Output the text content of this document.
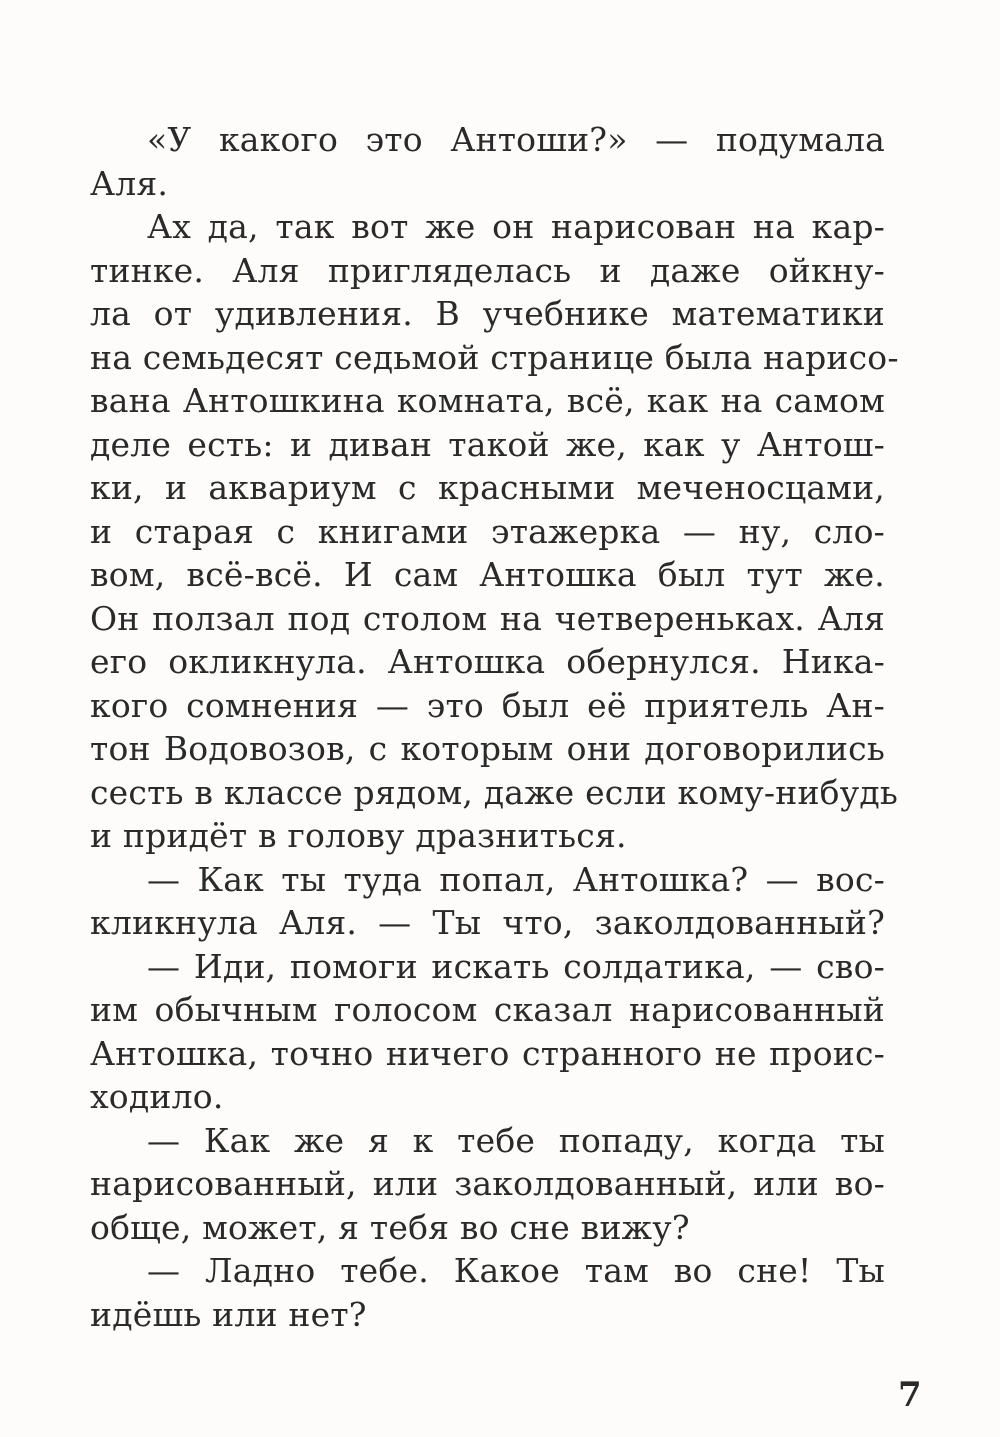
«У какого это Антоши?» — подумала
Аля.
Ах да, так вот же он нарисован на кар-
тинке. Аля пригляделась и даже ойкну-
ла от удивления. В учебнике математики
на семьдесят седьмой странице была нарисо-
вана Антошкина комната, всё, как на самом
деле есть: и диван такой же, как у Антош-
ки, и аквариум с красными меченосцами,
и старая с книгами этажерка — ну, сло-
вом, всё-всё. И сам Антошка был тут же.
Он ползал под столом на четвереньках. Аля
его окликнула. Антошка обернулся. Ника-
кого сомнения — это был её приятель Ан-
тон Водовозов, с которым они договорились
сесть в классе рядом, даже если кому-нибудь
и придёт в голову дразниться.
— Как ты туда попал, Антошка? — вос-
кликнула Аля. — Ты что, заколдованный?
— Иди, помоги искать солдатика, — сво-
им обычным голосом сказал нарисованный
Антошка, точно ничего странного не проис-
ходило.
— Как же я к тебе попаду, когда ты
нарисованный, или заколдованный, или во-
обще, может, я тебя во сне вижу?
— Ладно тебе. Какое там во сне! Ты
идёшь или нет?
7
